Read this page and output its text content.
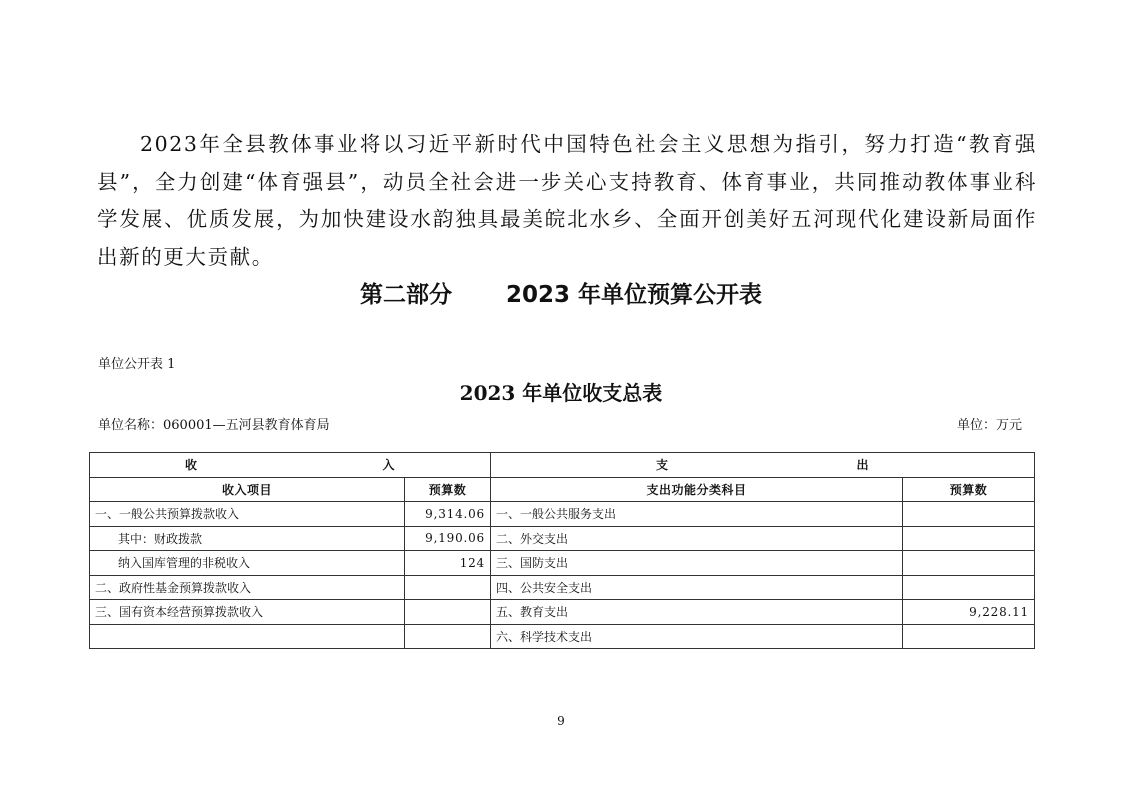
2023年全县教体事业将以习近平新时代中国特色社会主义思想为指引，努力打造“教育强县”，全力创建“体育强县”，动员全社会进一步关心支持教育、体育事业，共同推动教体事业科学发展、优质发展，为加快建设水韵独具最美皖北水乡、全面开创美好五河现代化建设新局面作出新的更大贡献。

第二部分 2023 年单位预算公开表
单位公开表 1
2023 年单位收支总表
单位名称：060001—五河县教育体育局	单位：万元
收 入		支 出	

收入项目	预算数	支出功能分类科目	预算数
一、一般公共预算拨款收入	9,314.06	一、一般公共服务支出	
其中：财政拨款	9,190.06	二、外交支出	
纳入国库管理的非税收入	124	三、国防支出	
二、政府性基金预算拨款收入		四、公共安全支出	
三、国有资本经营预算拨款收入		五、教育支出	9,228.11
		六、科学技术支出	
9
